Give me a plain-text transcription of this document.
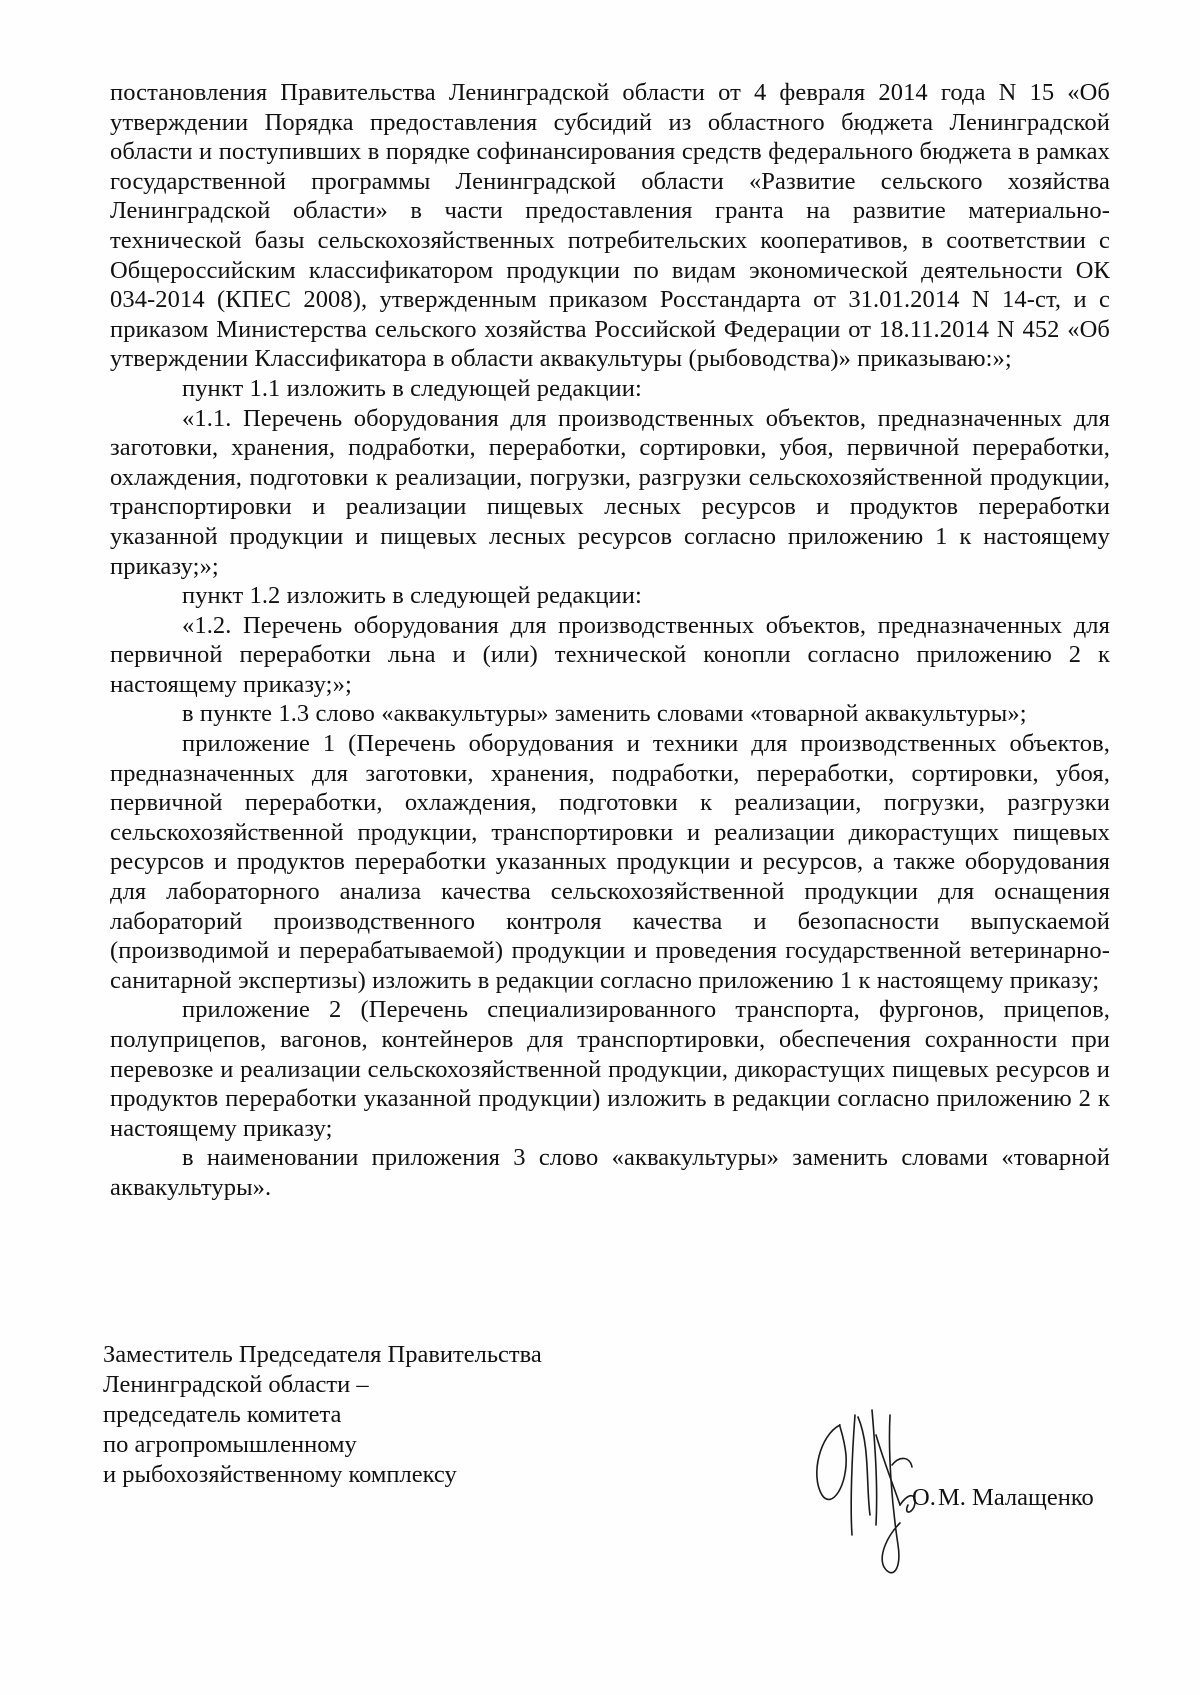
постановления Правительства Ленинградской области от 4 февраля 2014 года N 15 «Об утверждении Порядка предоставления субсидий из областного бюджета Ленинградской области и поступивших в порядке софинансирования средств федерального бюджета в рамках государственной программы Ленинградской области «Развитие сельского хозяйства Ленинградской области» в части предоставления гранта на развитие материально-технической базы сельскохозяйственных потребительских кооперативов, в соответствии с Общероссийским классификатором продукции по видам экономической деятельности ОК 034-2014 (КПЕС 2008), утвержденным приказом Росстандарта от 31.01.2014 N 14-ст, и с приказом Министерства сельского хозяйства Российской Федерации от 18.11.2014 N 452 «Об утверждении Классификатора в области аквакультуры (рыбоводства)» приказываю:»;

пункт 1.1 изложить в следующей редакции:

«1.1. Перечень оборудования для производственных объектов, предназначенных для заготовки, хранения, подработки, переработки, сортировки, убоя, первичной переработки, охлаждения, подготовки к реализации, погрузки, разгрузки сельскохозяйственной продукции, транспортировки и реализации пищевых лесных ресурсов и продуктов переработки указанной продукции и пищевых лесных ресурсов согласно приложению 1 к настоящему приказу;»;

пункт 1.2 изложить в следующей редакции:

«1.2. Перечень оборудования для производственных объектов, предназначенных для первичной переработки льна и (или) технической конопли согласно приложению 2 к настоящему приказу;»;

в пункте 1.3 слово «аквакультуры» заменить словами «товарной аквакультуры»;

приложение 1 (Перечень оборудования и техники для производственных объектов, предназначенных для заготовки, хранения, подработки, переработки, сортировки, убоя, первичной переработки, охлаждения, подготовки к реализации, погрузки, разгрузки сельскохозяйственной продукции, транспортировки и реализации дикорастущих пищевых ресурсов и продуктов переработки указанных продукции и ресурсов, а также оборудования для лабораторного анализа качества сельскохозяйственной продукции для оснащения лабораторий производственного контроля качества и безопасности выпускаемой (производимой и перерабатываемой) продукции и проведения государственной ветеринарно-санитарной экспертизы) изложить в редакции согласно приложению 1 к настоящему приказу;

приложение 2 (Перечень специализированного транспорта, фургонов, прицепов, полуприцепов, вагонов, контейнеров для транспортировки, обеспечения сохранности при перевозке и реализации сельскохозяйственной продукции, дикорастущих пищевых ресурсов и продуктов переработки указанной продукции) изложить в редакции согласно приложению 2 к настоящему приказу;

в наименовании приложения 3 слово «аквакультуры» заменить словами «товарной аквакультуры».

Заместитель Председателя Правительства
Ленинградской области –
председатель комитета
по агропромышленному
и рыбохозяйственному комплексу
О. М. Малащенко
